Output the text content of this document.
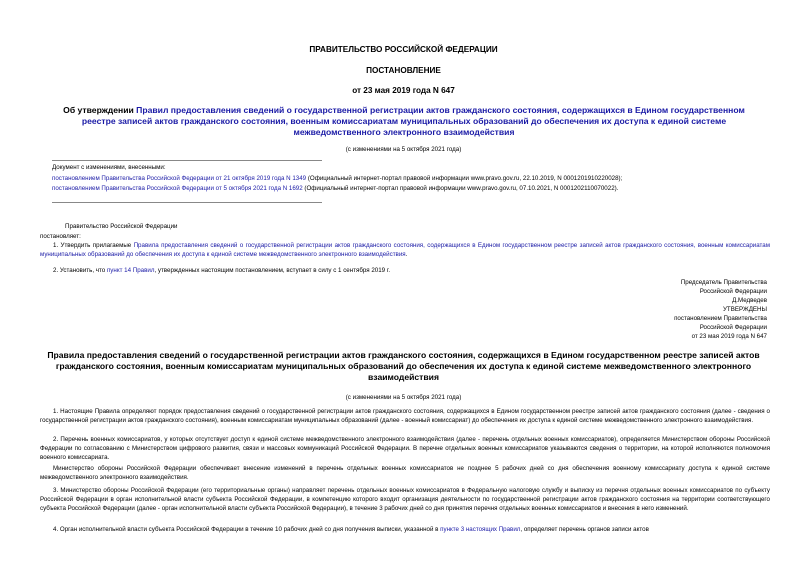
ПРАВИТЕЛЬСТВО РОССИЙСКОЙ ФЕДЕРАЦИИ
ПОСТАНОВЛЕНИЕ
от 23 мая 2019 года N 647
Об утверждении Правил предоставления сведений о государственной регистрации актов гражданского состояния, содержащихся в Едином государственном реестре записей актов гражданского состояния, военным комиссариатам муниципальных образований до обеспечения их доступа к единой системе межведомственного электронного взаимодействия
(с изменениями на 5 октября 2021 года)
Документ с изменениями, внесенными:
постановлением Правительства Российской Федерации от 21 октября 2019 года N 1349 (Официальный интернет-портал правовой информации www.pravo.gov.ru, 22.10.2019, N 0001201910220028);
постановлением Правительства Российской Федерации от 5 октября 2021 года N 1692 (Официальный интернет-портал правовой информации www.pravo.gov.ru, 07.10.2021, N 0001202110070022).
Правительство Российской Федерации
постановляет:
1. Утвердить прилагаемые Правила предоставления сведений о государственной регистрации актов гражданского состояния, содержащихся в Едином государственном реестре записей актов гражданского состояния, военным комиссариатам муниципальных образований до обеспечения их доступа к единой системе межведомственного электронного взаимодействия.
2. Установить, что пункт 14 Правил, утвержденных настоящим постановлением, вступает в силу с 1 сентября 2019 г.
Председатель Правительства
Российской Федерации
Д.Медведев
УТВЕРЖДЕНЫ
постановлением Правительства
Российской Федерации
от 23 мая 2019 года N 647
Правила предоставления сведений о государственной регистрации актов гражданского состояния, содержащихся в Едином государственном реестре записей актов гражданского состояния, военным комиссариатам муниципальных образований до обеспечения их доступа к единой системе межведомственного электронного взаимодействия
(с изменениями на 5 октября 2021 года)
1. Настоящие Правила определяют порядок предоставления сведений о государственной регистрации актов гражданского состояния, содержащихся в Едином государственном реестре записей актов гражданского состояния (далее - сведения о государственной регистрации актов гражданского состояния), военным комиссариатам муниципальных образований (далее - военный комиссариат) до обеспечения их доступа к единой системе межведомственного электронного взаимодействия.
2. Перечень военных комиссариатов, у которых отсутствует доступ к единой системе межведомственного электронного взаимодействия (далее - перечень отдельных военных комиссариатов), определяется Министерством обороны Российской Федерации по согласованию с Министерством цифрового развития, связи и массовых коммуникаций Российской Федерации. В перечне отдельных военных комиссариатов указываются сведения о территории, на которой исполняются полномочия военного комиссариата.
Министерство обороны Российской Федерации обеспечивает внесение изменений в перечень отдельных военных комиссариатов не позднее 5 рабочих дней со дня обеспечения военному комиссариату доступа к единой системе межведомственного электронного взаимодействия.
3. Министерство обороны Российской Федерации (его территориальные органы) направляет перечень отдельных военных комиссариатов в Федеральную налоговую службу и выписку из перечня отдельных военных комиссариатов по субъекту Российской Федерации в орган исполнительной власти субъекта Российской Федерации, в компетенцию которого входит организация деятельности по государственной регистрации актов гражданского состояния на территории соответствующего субъекта Российской Федерации (далее - орган исполнительной власти субъекта Российской Федерации), в течение 3 рабочих дней со дня принятия перечня отдельных военных комиссариатов и внесения в него изменений.
4. Орган исполнительной власти субъекта Российской Федерации в течение 10 рабочих дней со дня получения выписки, указанной в пункте 3 настоящих Правил, определяет перечень органов записи актов
